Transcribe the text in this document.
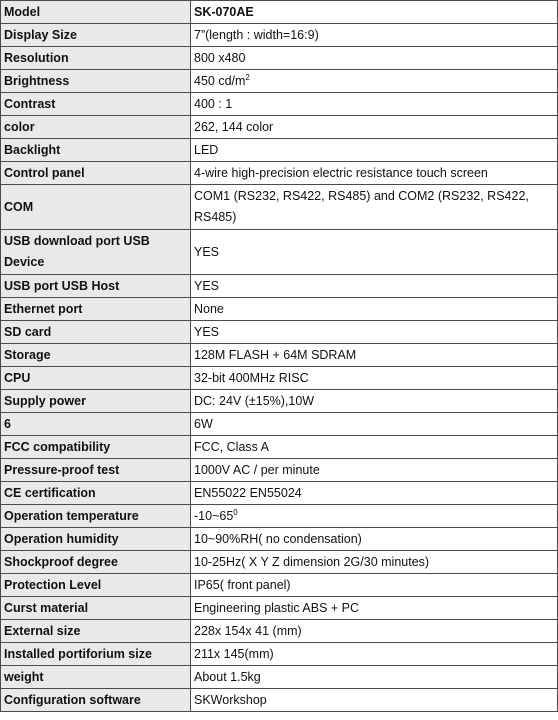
Model	SK-070AE
Display Size	7”(length : width=16:9)
Resolution	800 x480
Brightness	450 $cd/m^2$
Contrast	400 : 1
color	262, 144 color
Backlight	LED
Control panel	4-wire high-precision electric resistance touch screen
COM	COM1 (RS232, RS422, RS485) and COM2 (RS232, RS422, RS485)
USB download port USB Device	YES
USB port USB Host	YES
Ethernet port	None
SD card	YES
Storage	128M FLASH + 64M SDRAM
CPU	32-bit 400MHz RISC
Supply power	DC: 24V (±15%),10W
6	6W
FCC compatibility	FCC, Class A
Pressure-proof test	1000V AC / per minute
CE certification	EN55022 EN55024
Operation temperature	$-10\sim 65^0$
Operation humidity	10~90%RH( no condensation)
Shockproof degree	10-25Hz( X Y Z dimension 2G/30 minutes)
Protection Level	IP65( front panel)
Curst material	Engineering plastic ABS + PC
External size	228x 154x 41 (mm)
Installed portiforium size	211x 145(mm)
weight	About 1.5kg
Configuration software	SKWorkshop
